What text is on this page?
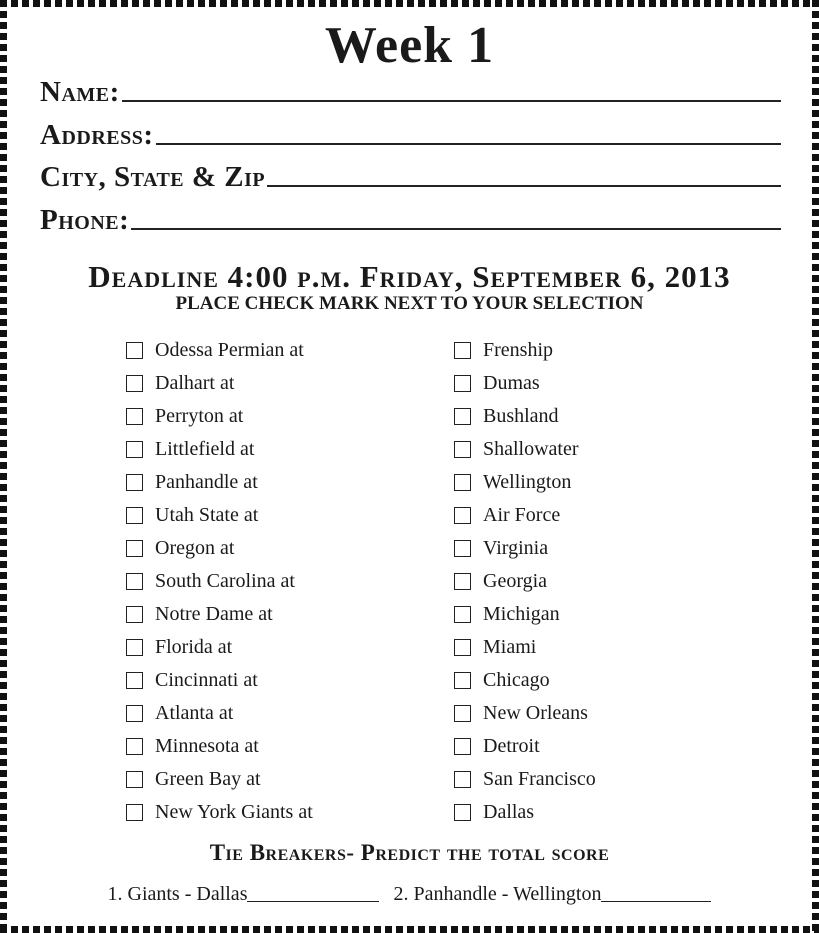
Week 1
Name:
Address:
City, State & Zip
Phone:
Deadline 4:00 p.m. Friday, September 6, 2013
PLACE CHECK MARK NEXT TO YOUR SELECTION
Odessa Permian at	Frenship
Dalhart at	Dumas
Perryton at	Bushland
Littlefield at	Shallowater
Panhandle at	Wellington
Utah State at	Air Force
Oregon at	Virginia
South Carolina at	Georgia
Notre Dame at	Michigan
Florida at	Miami
Cincinnati at	Chicago
Atlanta at	New Orleans
Minnesota at	Detroit
Green Bay at	San Francisco
New York Giants at	Dallas
Tie Breakers- Predict the total score
1. Giants - Dallas	2. Panhandle - Wellington
